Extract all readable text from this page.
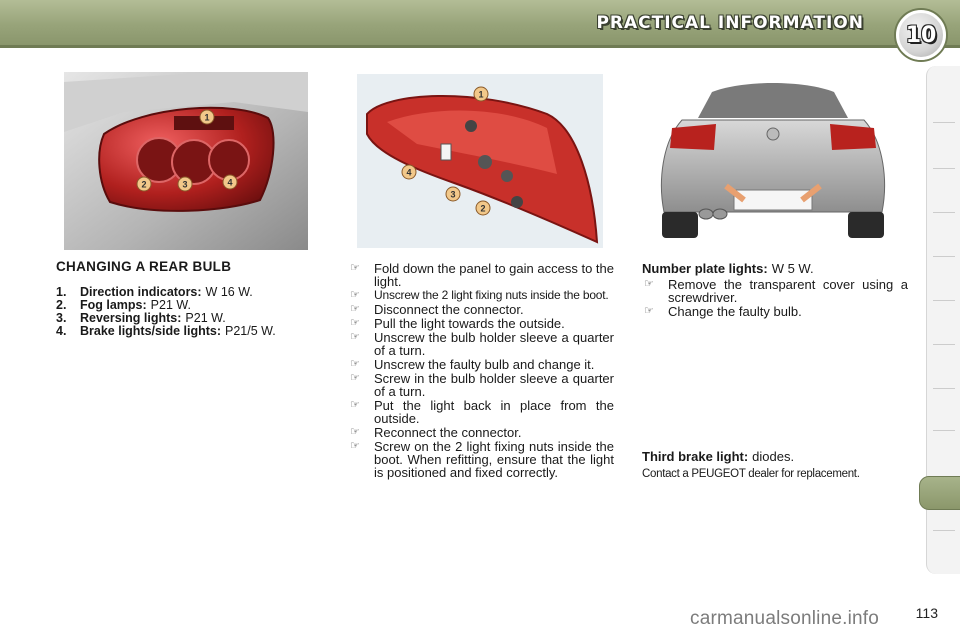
PRACTICAL INFORMATION 10
1
2	3	4
1
4
3
2
CHANGING A REAR BULB
1.	Direction indicators: W 16 W.
2.	Fog lamps: P21 W.
3.	Reversing lights: P21 W.
4.	Brake lights/side lights: P21/5 W.
☞	Fold down the panel to gain access to the light.
☞	Unscrew the 2 light fixing nuts inside the boot.
☞	Disconnect the connector.
☞	Pull the light towards the outside.
☞	Unscrew the bulb holder sleeve a quarter of a turn.
☞	Unscrew the faulty bulb and change it.
☞	Screw in the bulb holder sleeve a quarter of a turn.
☞	Put the light back in place from the outside.
☞	Reconnect the connector.
☞	Screw on the 2 light fixing nuts inside the boot. When refitting, ensure that the light is positioned and fixed correctly.
Number plate lights: W 5 W.
☞	Remove the transparent cover using a screwdriver.
☞	Change the faulty bulb.
Third brake light: diodes.
Contact a PEUGEOT dealer for replacement.
113
carmanualsonline.info
